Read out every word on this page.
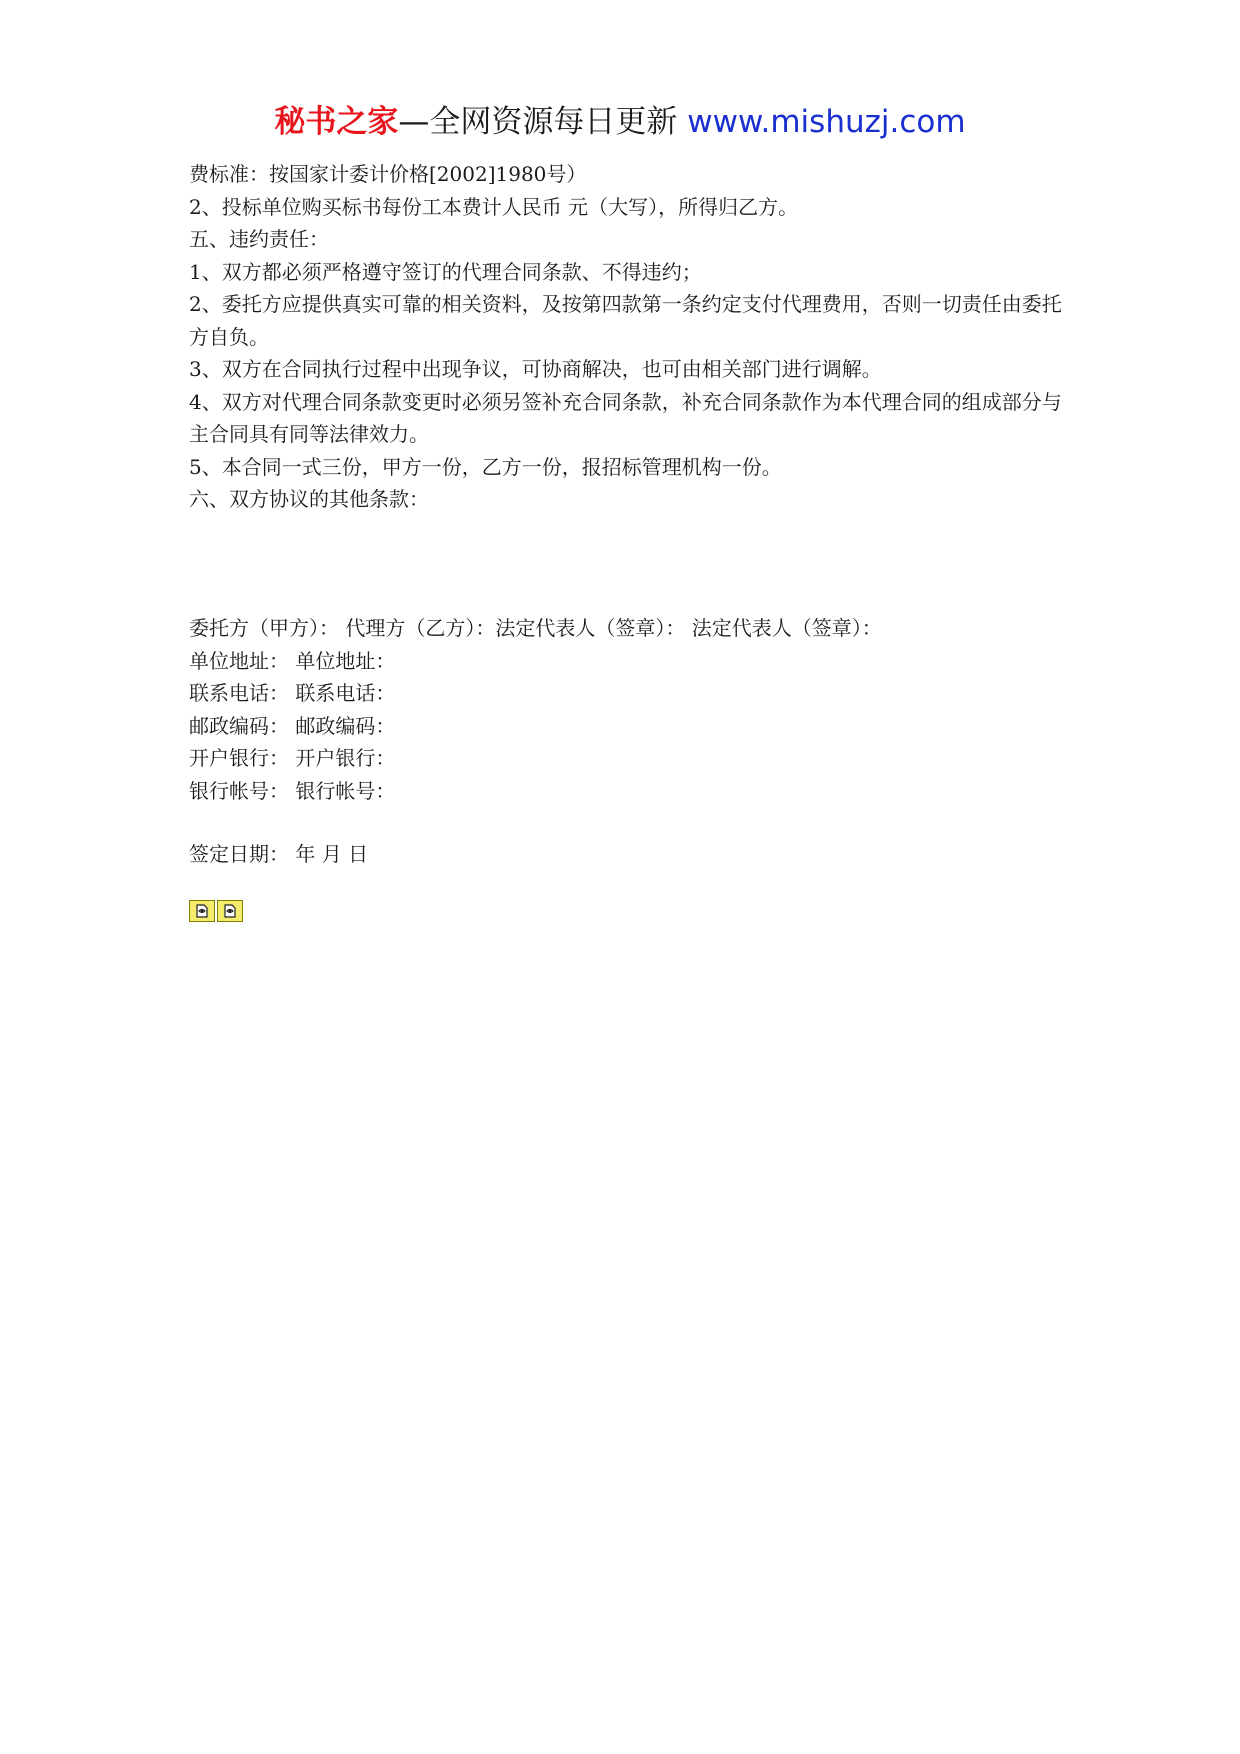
秘书之家—全网资源每日更新 www.mishuzj.com

费标准：按国家计委计价格[2002]1980号）

2、投标单位购买标书每份工本费计人民币 元（大写），所得归乙方。

五、违约责任：

1、双方都必须严格遵守签订的代理合同条款、不得违约；

2、委托方应提供真实可靠的相关资料，及按第四款第一条约定支付代理费用，否则一切责任由委托方自负。

3、双方在合同执行过程中出现争议，可协商解决，也可由相关部门进行调解。

4、双方对代理合同条款变更时必须另签补充合同条款，补充合同条款作为本代理合同的组成部分与主合同具有同等法律效力。

5、本合同一式三份，甲方一份，乙方一份，报招标管理机构一份。

六、双方协议的其他条款：

委托方（甲方）： 代理方（乙方）：法定代表人（签章）： 法定代表人（签章）：

单位地址： 单位地址：

联系电话： 联系电话：

邮政编码： 邮政编码：

开户银行： 开户银行：

银行帐号： 银行帐号：

签定日期： 年 月 日
